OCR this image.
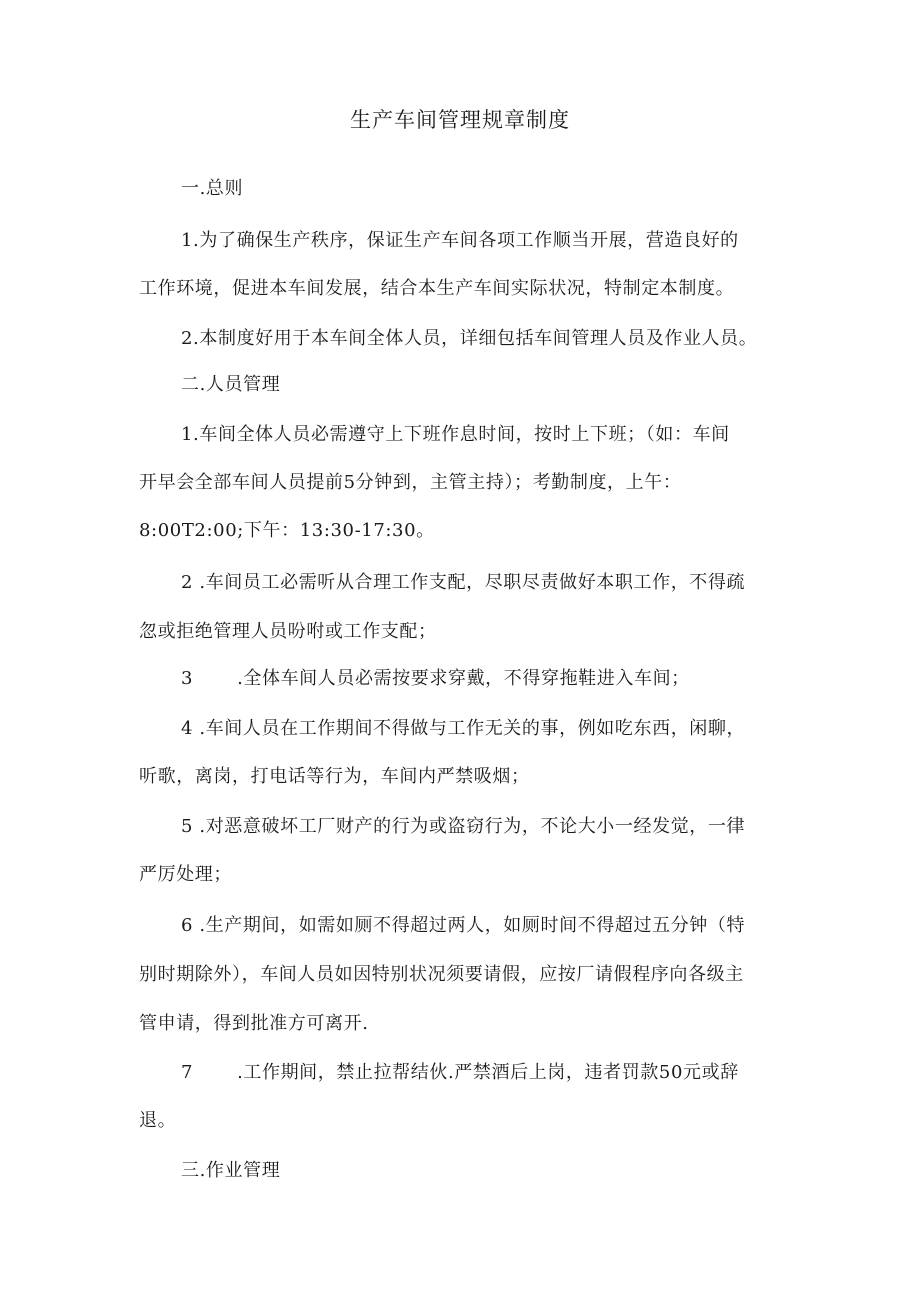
生产车间管理规章制度
一.总则
1.为了确保生产秩序，保证生产车间各项工作顺当开展，营造良好的
工作环境，促进本车间发展，结合本生产车间实际状况，特制定本制度。
2.本制度好用于本车间全体人员，详细包括车间管理人员及作业人员。
二.人员管理
1.车间全体人员必需遵守上下班作息时间，按时上下班；（如：车间
开早会全部车间人员提前5分钟到，主管主持）；考勤制度，上午：
8:00T2:00;下午：13:30-17:30。
2 .车间员工必需听从合理工作支配，尽职尽责做好本职工作，不得疏
忽或拒绝管理人员吩咐或工作支配；
3 .全体车间人员必需按要求穿戴，不得穿拖鞋进入车间；
4 .车间人员在工作期间不得做与工作无关的事，例如吃东西，闲聊，
听歌，离岗，打电话等行为，车间内严禁吸烟；
5 .对恶意破坏工厂财产的行为或盗窃行为，不论大小一经发觉，一律
严厉处理；
6 .生产期间，如需如厕不得超过两人，如厕时间不得超过五分钟（特
别时期除外），车间人员如因特别状况须要请假，应按厂请假程序向各级主
管申请，得到批准方可离开.
7 .工作期间，禁止拉帮结伙.严禁酒后上岗，违者罚款50元或辞
退。
三.作业管理
